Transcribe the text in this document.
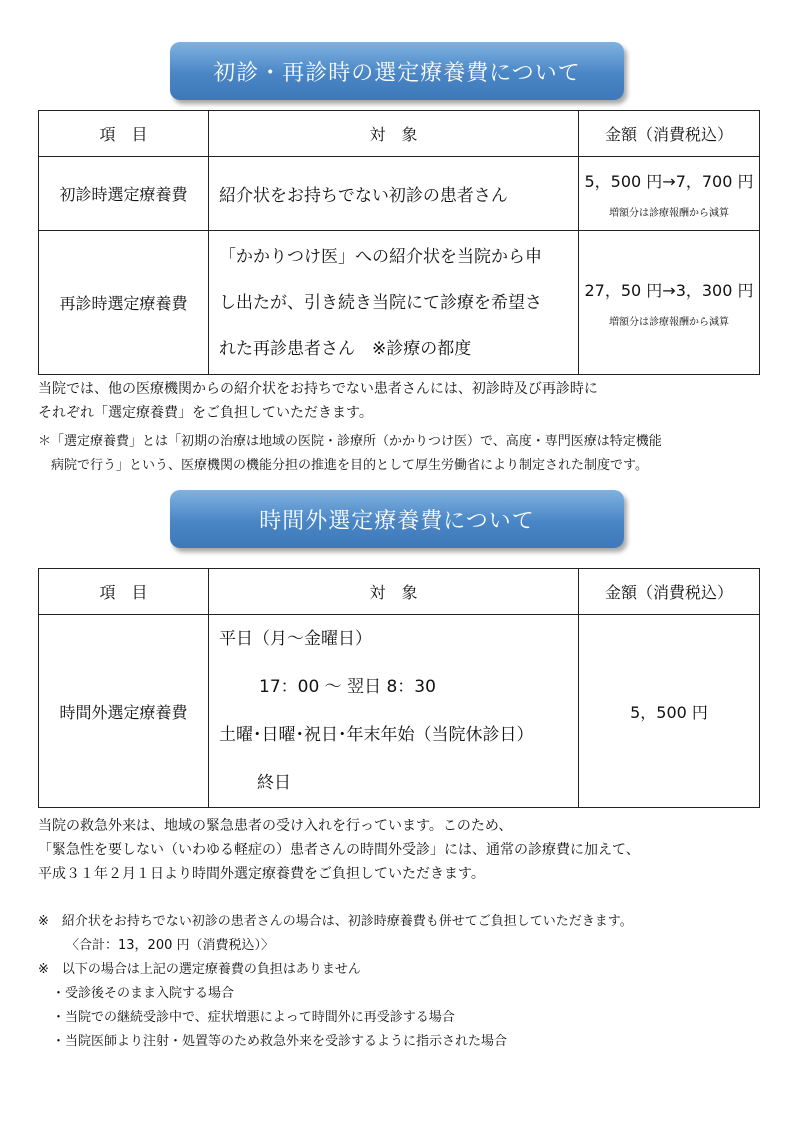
初診・再診時の選定療養費について
項　目	対　象	金額（消費税込）
初診時選定療養費	紹介状をお持ちでない初診の患者さん	5，500 円→7，700 円
増額分は診療報酬から減算

再診時選定療養費	「かかりつけ医」への紹介状を当院から申
し出たが、引き続き当院にて診療を希望さ
れた再診患者さん　※診療の都度	27，50 円→3，300 円
増額分は診療報酬から減算
当院では、他の医療機関からの紹介状をお持ちでない患者さんには、初診時及び再診時に
それぞれ「選定療養費」をご負担していただきます。
＊「選定療養費」とは「初期の治療は地域の医院・診療所（かかりつけ医）で、高度・専門医療は特定機能
　病院で行う」という、医療機関の機能分担の推進を目的として厚生労働省により制定された制度です。
時間外選定療養費について
項　目	対　象	金額（消費税込）
時間外選定療養費	平日（月～金曜日）
17：00 ～ 翌日 8：30
土曜･日曜･祝日･年末年始（当院休診日）
終日	5，500 円
当院の救急外来は、地域の緊急患者の受け入れを行っています。このため、
「緊急性を要しない（いわゆる軽症の）患者さんの時間外受診」には、通常の診療費に加えて、
平成３１年２月１日より時間外選定療養費をご負担していただきます。
※　紹介状をお持ちでない初診の患者さんの場合は、初診時療養費も併せてご負担していただきます。
〈合計：13，200 円（消費税込）〉
※　以下の場合は上記の選定療養費の負担はありません
・受診後そのまま入院する場合
・当院での継続受診中で、症状増悪によって時間外に再受診する場合
・当院医師より注射・処置等のため救急外来を受診するように指示された場合
